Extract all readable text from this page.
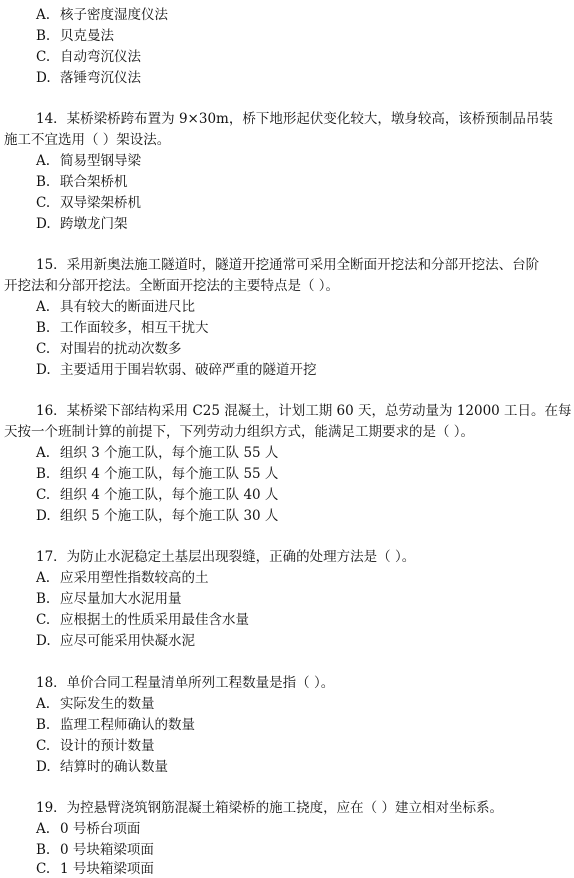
A. 核子密度湿度仪法
B. 贝克曼法
C. 自动弯沉仪法
D. 落锤弯沉仪法
14．某桥梁桥跨布置为 9×30m，桥下地形起伏变化较大，墩身较高，该桥预制品吊装
施工不宜选用（ ）架设法。
A. 简易型钢导梁
B. 联合架桥机
C. 双导梁架桥机
D. 跨墩龙门架
15．采用新奥法施工隧道时，隧道开挖通常可采用全断面开挖法和分部开挖法、台阶
开挖法和分部开挖法。全断面开挖法的主要特点是（ ）。
A. 具有较大的断面进尺比
B. 工作面较多，相互干扰大
C. 对围岩的扰动次数多
D. 主要适用于围岩软弱、破碎严重的隧道开挖
16．某桥梁下部结构采用 C25 混凝土，计划工期 60 天，总劳动量为 12000 工日。在每
天按一个班制计算的前提下，下列劳动力组织方式，能满足工期要求的是（ ）。
A. 组织 3 个施工队，每个施工队 55 人
B. 组织 4 个施工队，每个施工队 55 人
C. 组织 4 个施工队，每个施工队 40 人
D. 组织 5 个施工队，每个施工队 30 人
17．为防止水泥稳定土基层出现裂缝，正确的处理方法是（ ）。
A. 应采用塑性指数较高的土
B. 应尽量加大水泥用量
C. 应根据土的性质采用最佳含水量
D. 应尽可能采用快凝水泥
18．单价合同工程量清单所列工程数量是指（ ）。
A. 实际发生的数量
B. 监理工程师确认的数量
C. 设计的预计数量
D. 结算时的确认数量
19．为控悬臂浇筑钢筋混凝土箱梁桥的施工挠度，应在（ ）建立相对坐标系。
A. 0 号桥台项面
B. 0 号块箱梁项面
C. 1 号块箱梁项面
